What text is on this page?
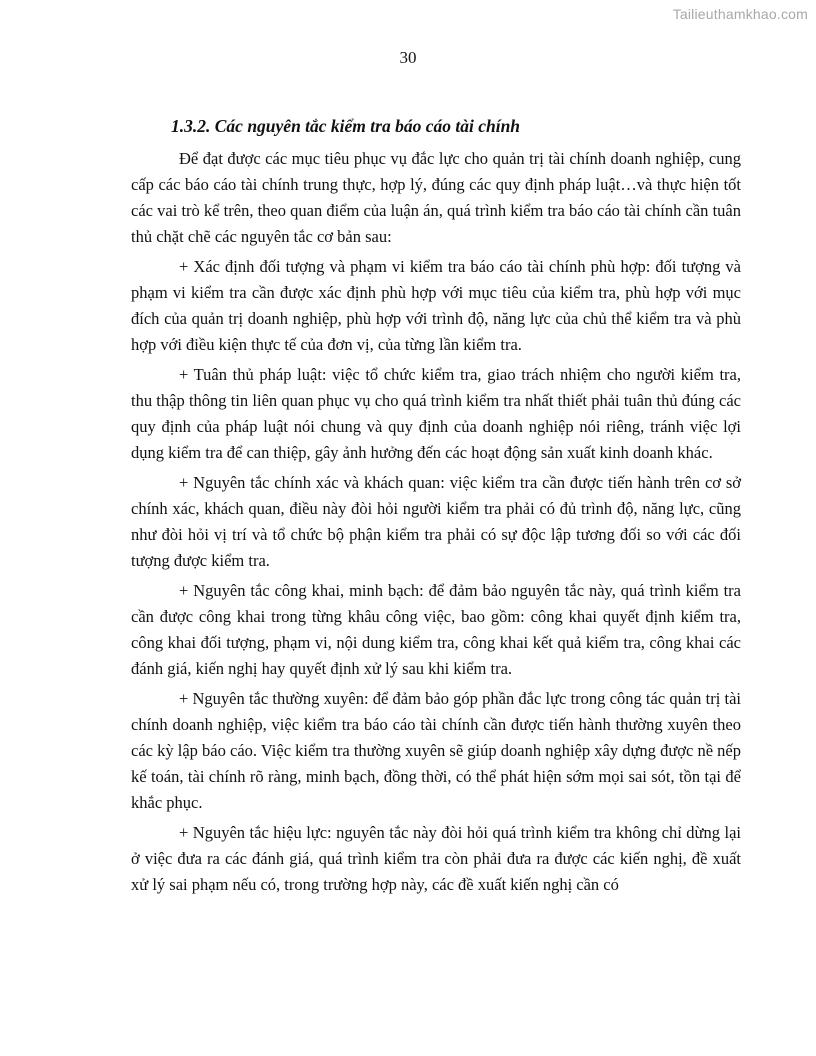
Tailieuthamkhao.com
30
1.3.2. Các nguyên tắc kiểm tra báo cáo tài chính

Để đạt được các mục tiêu phục vụ đắc lực cho quản trị tài chính doanh nghiệp, cung cấp các báo cáo tài chính trung thực, hợp lý, đúng các quy định pháp luật…và thực hiện tốt các vai trò kể trên, theo quan điểm của luận án, quá trình kiểm tra báo cáo tài chính cần tuân thủ chặt chẽ các nguyên tắc cơ bản sau:

+ Xác định đối tượng và phạm vi kiểm tra báo cáo tài chính phù hợp: đối tượng và phạm vi kiểm tra cần được xác định phù hợp với mục tiêu của kiểm tra, phù hợp với mục đích của quản trị doanh nghiệp, phù hợp với trình độ, năng lực của chủ thể kiểm tra và phù hợp với điều kiện thực tế của đơn vị, của từng lần kiểm tra.

+ Tuân thủ pháp luật: việc tổ chức kiểm tra, giao trách nhiệm cho người kiểm tra, thu thập thông tin liên quan phục vụ cho quá trình kiểm tra nhất thiết phải tuân thủ đúng các quy định của pháp luật nói chung và quy định của doanh nghiệp nói riêng, tránh việc lợi dụng kiểm tra để can thiệp, gây ảnh hưởng đến các hoạt động sản xuất kinh doanh khác.

+ Nguyên tắc chính xác và khách quan: việc kiểm tra cần được tiến hành trên cơ sở chính xác, khách quan, điều này đòi hỏi người kiểm tra phải có đủ trình độ, năng lực, cũng như đòi hỏi vị trí và tổ chức bộ phận kiểm tra phải có sự độc lập tương đối so với các đối tượng được kiểm tra.

+ Nguyên tắc công khai, minh bạch: để đảm bảo nguyên tắc này, quá trình kiểm tra cần được công khai trong từng khâu công việc, bao gồm: công khai quyết định kiểm tra, công khai đối tượng, phạm vi, nội dung kiểm tra, công khai kết quả kiểm tra, công khai các đánh giá, kiến nghị hay quyết định xử lý sau khi kiểm tra.

+ Nguyên tắc thường xuyên: để đảm bảo góp phần đắc lực trong công tác quản trị tài chính doanh nghiệp, việc kiểm tra báo cáo tài chính cần được tiến hành thường xuyên theo các kỳ lập báo cáo. Việc kiểm tra thường xuyên sẽ giúp doanh nghiệp xây dựng được nề nếp kế toán, tài chính rõ ràng, minh bạch, đồng thời, có thể phát hiện sớm mọi sai sót, tồn tại để khắc phục.

+ Nguyên tắc hiệu lực: nguyên tắc này đòi hỏi quá trình kiểm tra không chỉ dừng lại ở việc đưa ra các đánh giá, quá trình kiểm tra còn phải đưa ra được các kiến nghị, đề xuất xử lý sai phạm nếu có, trong trường hợp này, các đề xuất kiến nghị cần có
